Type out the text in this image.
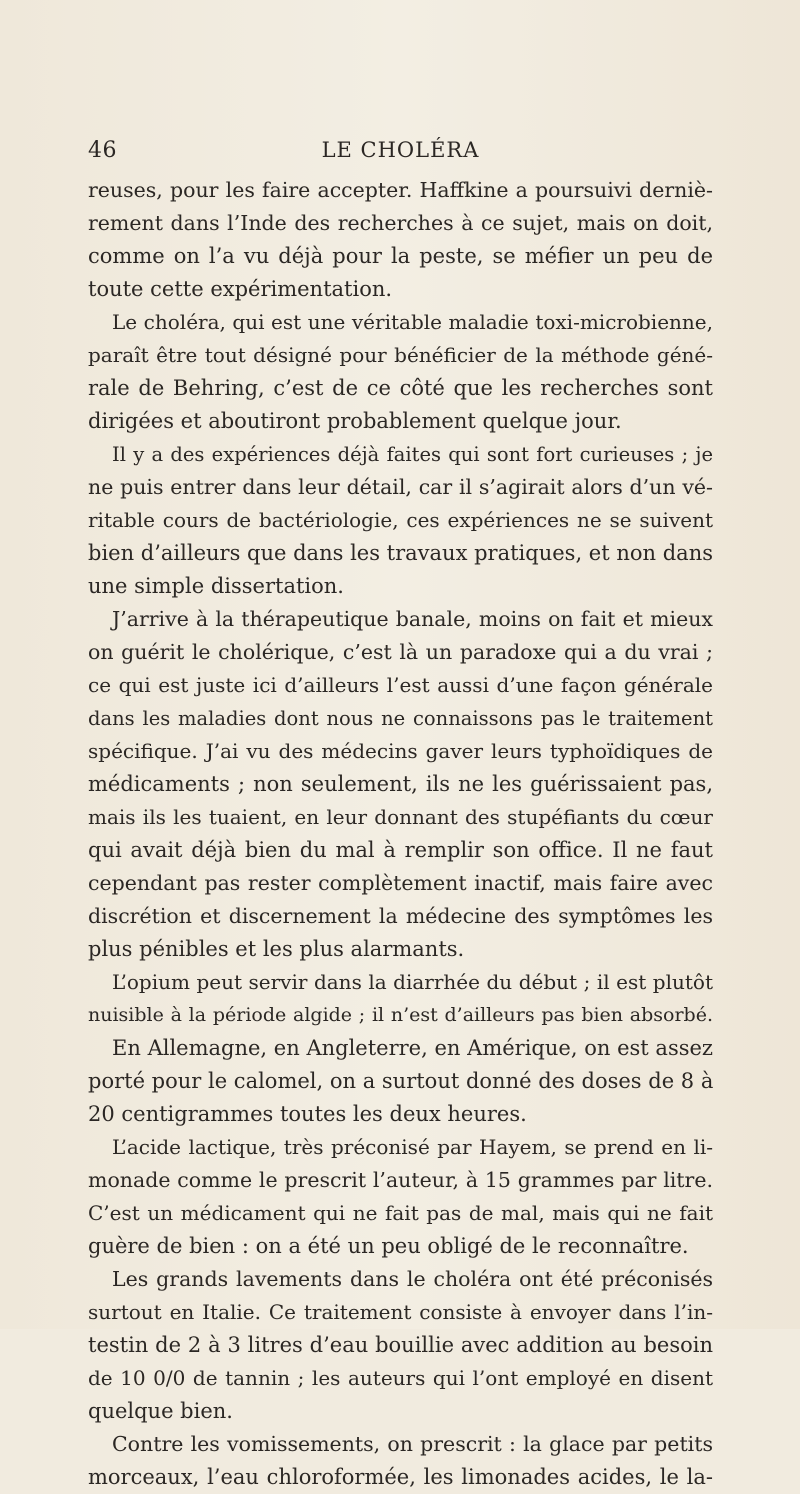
46	LE CHOLÉRA
reuses, pour les faire accepter. Haffkine a poursuivi derniè-
rement dans l’Inde des recherches à ce sujet, mais on doit,
comme on l’a vu déjà pour la peste, se méfier un peu de
toute cette expérimentation.
Le choléra, qui est une véritable maladie toxi-microbienne,
paraît être tout désigné pour bénéficier de la méthode géné-
rale de Behring, c’est de ce côté que les recherches sont
dirigées et aboutiront probablement quelque jour.
Il y a des expériences déjà faites qui sont fort curieuses ; je
ne puis entrer dans leur détail, car il s’agirait alors d’un vé-
ritable cours de bactériologie, ces expériences ne se suivent
bien d’ailleurs que dans les travaux pratiques, et non dans
une simple dissertation.
J’arrive à la thérapeutique banale, moins on fait et mieux
on guérit le cholérique, c’est là un paradoxe qui a du vrai ;
ce qui est juste ici d’ailleurs l’est aussi d’une façon générale
dans les maladies dont nous ne connaissons pas le traitement
spécifique. J’ai vu des médecins gaver leurs typhoïdiques de
médicaments ; non seulement, ils ne les guérissaient pas,
mais ils les tuaient, en leur donnant des stupéfiants du cœur
qui avait déjà bien du mal à remplir son office. Il ne faut
cependant pas rester complètement inactif, mais faire avec
discrétion et discernement la médecine des symptômes les
plus pénibles et les plus alarmants.
L’opium peut servir dans la diarrhée du début ; il est plutôt
nuisible à la période algide ; il n’est d’ailleurs pas bien absorbé.
En Allemagne, en Angleterre, en Amérique, on est assez
porté pour le calomel, on a surtout donné des doses de 8 à
20 centigrammes toutes les deux heures.
L’acide lactique, très préconisé par Hayem, se prend en li-
monade comme le prescrit l’auteur, à 15 grammes par litre.
C’est un médicament qui ne fait pas de mal, mais qui ne fait
guère de bien : on a été un peu obligé de le reconnaître.
Les grands lavements dans le choléra ont été préconisés
surtout en Italie. Ce traitement consiste à envoyer dans l’in-
testin de 2 à 3 litres d’eau bouillie avec addition au besoin
de 10 0/0 de tannin ; les auteurs qui l’ont employé en disent
quelque bien.
Contre les vomissements, on prescrit : la glace par petits
morceaux, l’eau chloroformée, les limonades acides, le la-
